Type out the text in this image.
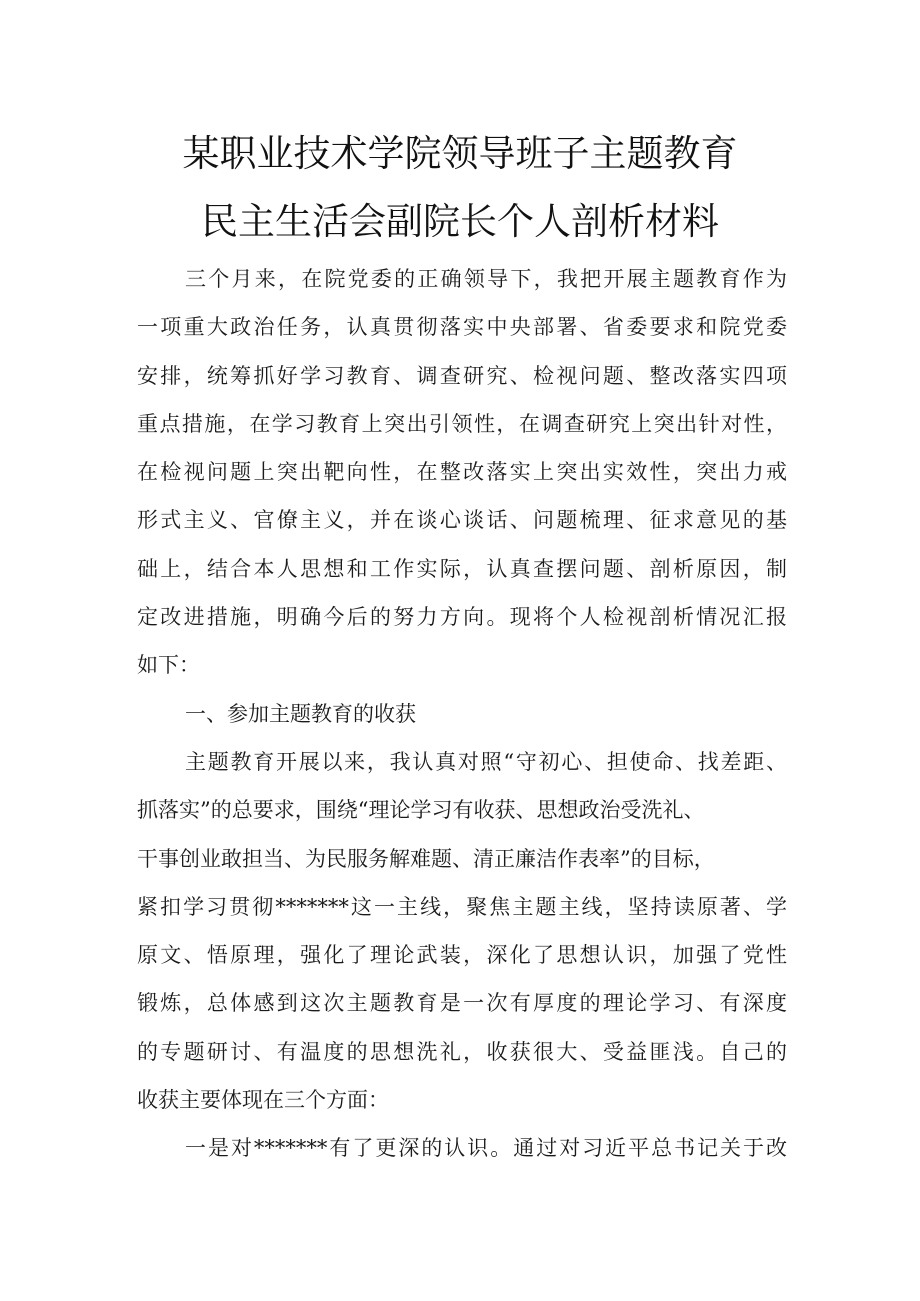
某职业技术学院领导班子主题教育
民主生活会副院长个人剖析材料
三个月来，在院党委的正确领导下，我把开展主题教育作为
一项重大政治任务，认真贯彻落实中央部署、省委要求和院党委
安排，统筹抓好学习教育、调查研究、检视问题、整改落实四项
重点措施，在学习教育上突出引领性，在调查研究上突出针对性，
在检视问题上突出靶向性，在整改落实上突出实效性，突出力戒
形式主义、官僚主义，并在谈心谈话、问题梳理、征求意见的基
础上，结合本人思想和工作实际，认真查摆问题、剖析原因，制
定改进措施，明确今后的努力方向。现将个人检视剖析情况汇报
如下：
一、参加主题教育的收获
主题教育开展以来，我认真对照“守初心、担使命、找差距、
抓落实”的总要求，围绕“理论学习有收获、思想政治受洗礼、
干事创业敢担当、为民服务解难题、清正廉洁作表率”的目标，
紧扣学习贯彻*******这一主线，聚焦主题主线，坚持读原著、学
原文、悟原理，强化了理论武装，深化了思想认识，加强了党性
锻炼，总体感到这次主题教育是一次有厚度的理论学习、有深度
的专题研讨、有温度的思想洗礼，收获很大、受益匪浅。自己的
收获主要体现在三个方面：
一是对*******有了更深的认识。通过对习近平总书记关于改
